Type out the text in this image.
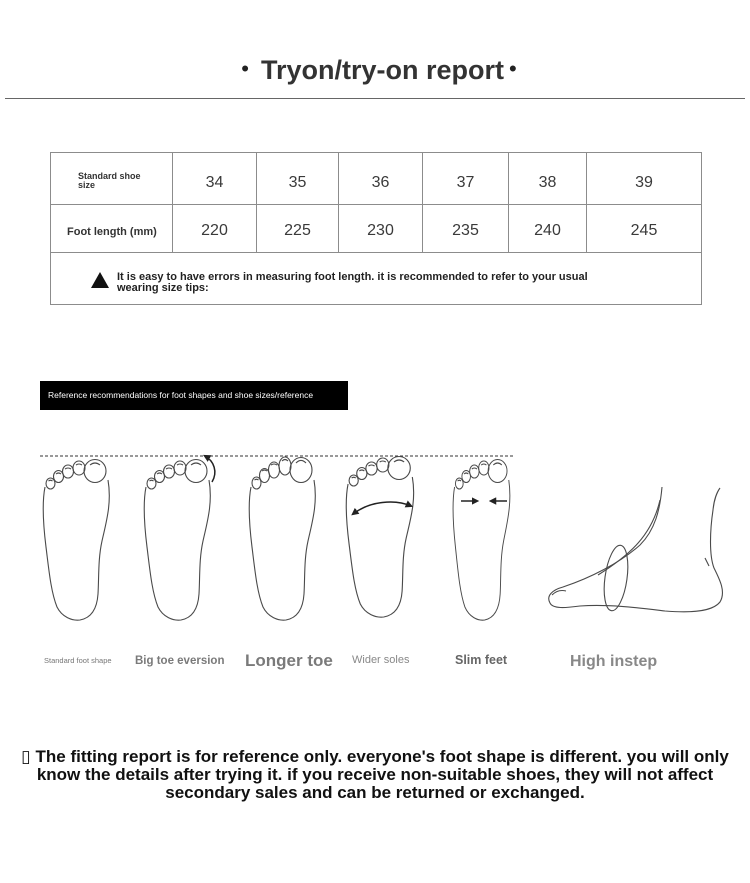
• Tryon/try-on report •
Standard shoe size	34	35	36	37	38	39
Foot length (mm)	220	225	230	235	240	245

It is easy to have errors in measuring foot length. it is recommended to refer to your usual wearing size tips:						
Reference recommendations for foot shapes and shoe sizes/reference
Standard foot shape Big toe eversion Longer toe Wider soles	Slim feet	High instep
▯ The fitting report is for reference only. everyone's foot shape is different. you will only
know the details after trying it. if you receive non-suitable shoes, they will not affect
secondary sales and can be returned or exchanged.
